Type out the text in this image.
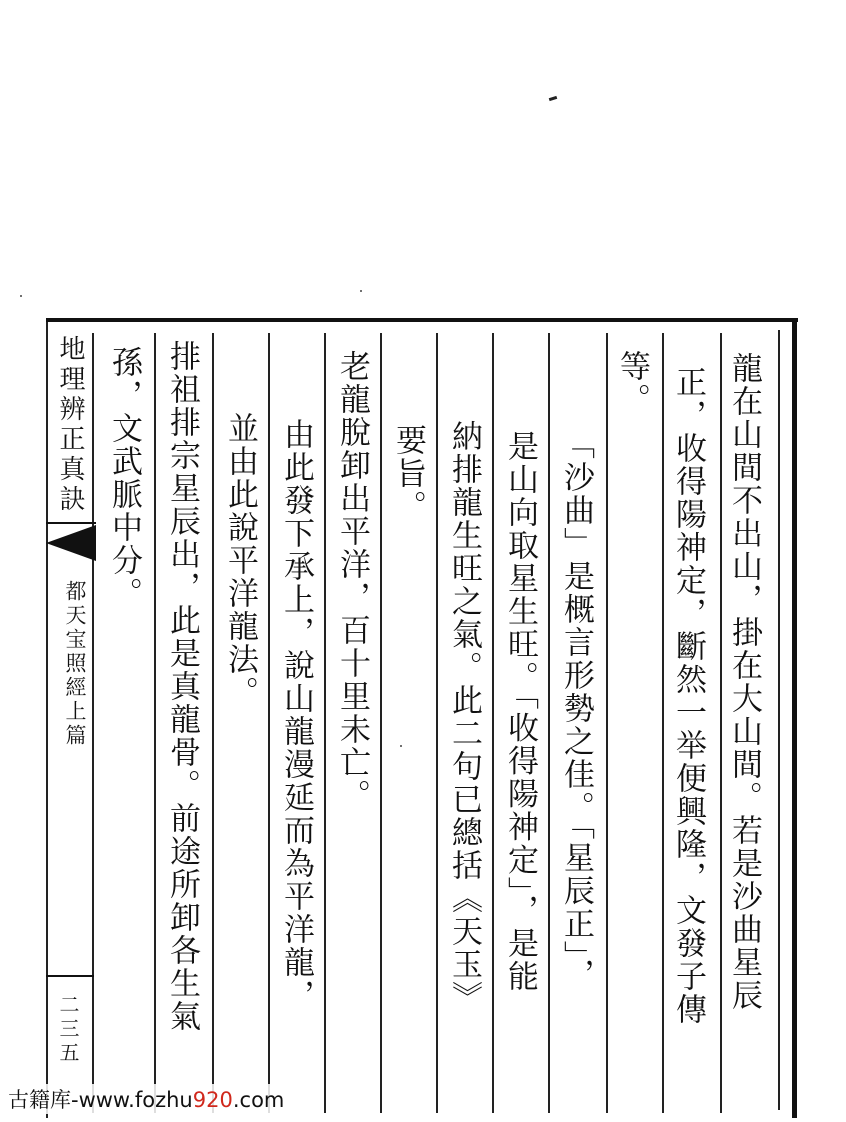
地理辨正真訣
都天宝照經上篇
二三五
龍在山間不出山，掛在大山間。若是沙曲星辰
正，收得陽神定，斷然一举便興隆，文發子傳
等。
「沙曲」是概言形勢之佳。「星辰正」，
是山向取星生旺。「收得陽神定」，是能
納排龍生旺之氣。此二句已總括《天玉》
要旨。
老龍脫卸出平洋，百十里未亡。
由此發下承上，說山龍漫延而為平洋龍，
並由此說平洋龍法。
排祖排宗星辰出，此是真龍骨。前途所卸各生氣
孫，文武脈中分。
古籍库-www.fozhu920.com
